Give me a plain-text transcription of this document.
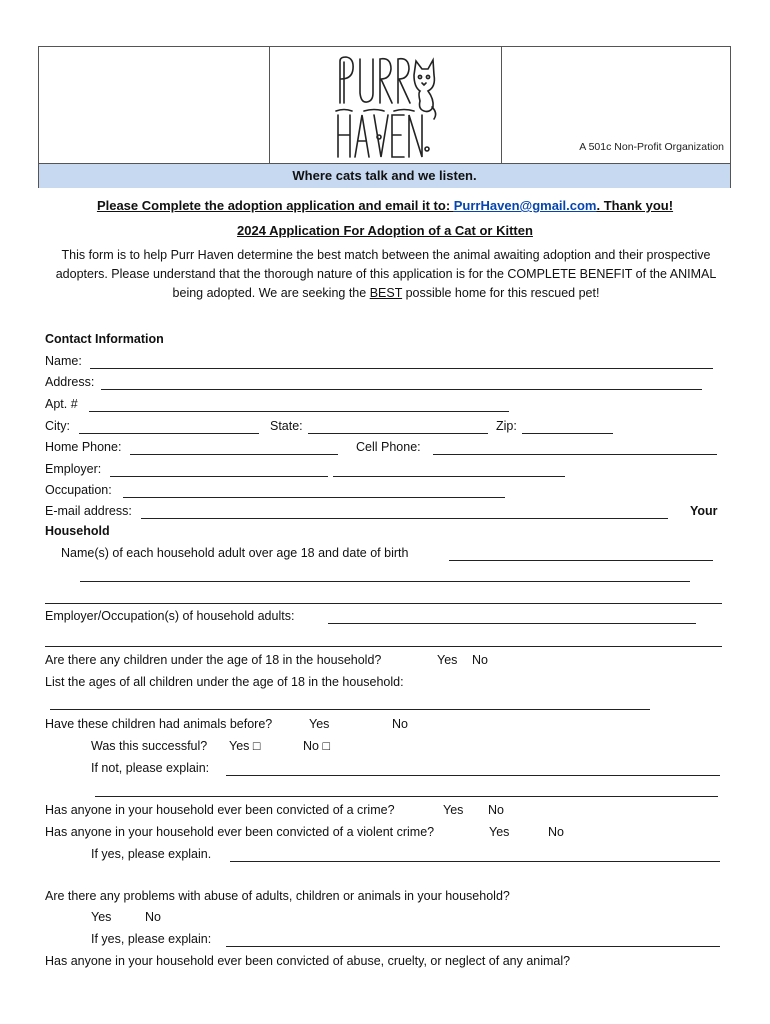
A 501c Non-Profit Organization
Where cats talk and we listen.
Please Complete the adoption application and email it to: PurrHaven@gmail.com. Thank you!
2024 Application For Adoption of a Cat or Kitten
This form is to help Purr Haven determine the best match between the animal awaiting adoption and their prospective adopters. Please understand that the thorough nature of this application is for the COMPLETE BENEFIT of the ANIMAL being adopted. We are seeking the BEST possible home for this rescued pet!
Contact Information
Name:
Address:
Apt. #
City:	State:	Zip:
Home Phone:	Cell Phone:
Employer:
Occupation:
E-mail address:	Your
Household
Name(s) of each household adult over age 18 and date of birth
Employer/Occupation(s) of household adults:
Are there any children under the age of 18 in the household?	Yes No
List the ages of all children under the age of 18 in the household:
Have these children had animals before?	Yes	No
Was this successful? Yes □	No □
If not, please explain:
Has anyone in your household ever been convicted of a crime?	Yes No
Has anyone in your household ever been convicted of a violent crime?	Yes	No
If yes, please explain.
Are there any problems with abuse of adults, children or animals in your household?
Yes	No
If yes, please explain:
Has anyone in your household ever been convicted of abuse, cruelty, or neglect of any animal?
